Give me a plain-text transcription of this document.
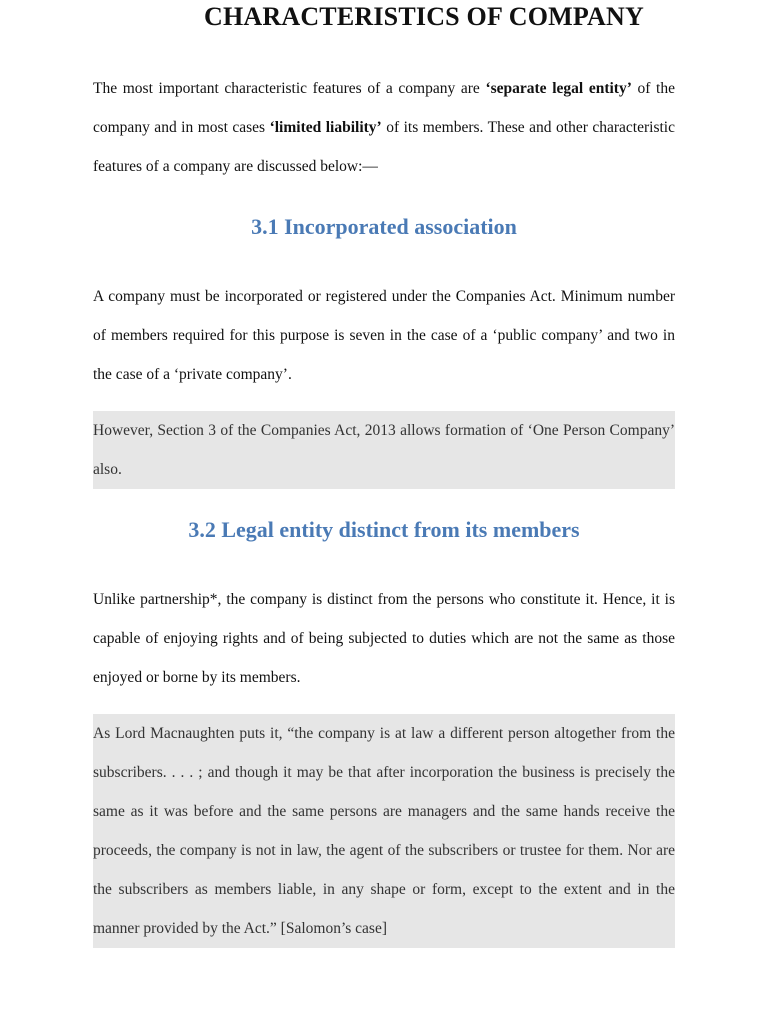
CHARACTERISTICS OF COMPANY

The most important characteristic features of a company are ‘separate legal entity’ of the company and in most cases ‘limited liability’ of its members. These and other characteristic features of a company are discussed below:—

3.1 Incorporated association

A company must be incorporated or registered under the Companies Act. Minimum number of members required for this purpose is seven in the case of a ‘public company’ and two in the case of a ‘private company’.

However, Section 3 of the Companies Act, 2013 allows formation of ‘One Person Company’ also.

3.2 Legal entity distinct from its members

Unlike partnership*, the company is distinct from the persons who constitute it. Hence, it is capable of enjoying rights and of being subjected to duties which are not the same as those enjoyed or borne by its members.

As Lord Macnaughten puts it, “the company is at law a different person altogether from the subscribers. . . . ; and though it may be that after incorporation the business is precisely the same as it was before and the same persons are managers and the same hands receive the proceeds, the company is not in law, the agent of the subscribers or trustee for them. Nor are the subscribers as members liable, in any shape or form, except to the extent and in the manner provided by the Act.” [Salomon’s case]
